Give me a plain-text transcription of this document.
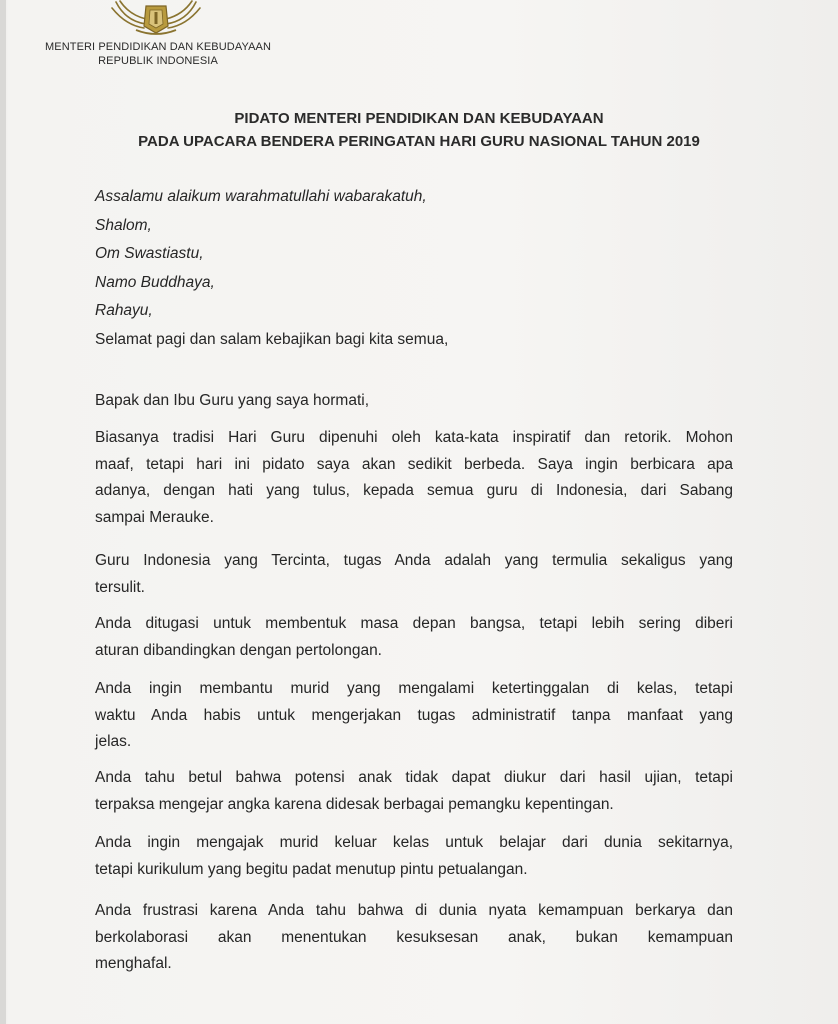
MENTERI PENDIDIKAN DAN KEBUDAYAAN
REPUBLIK INDONESIA
PIDATO MENTERI PENDIDIKAN DAN KEBUDAYAAN
PADA UPACARA BENDERA PERINGATAN HARI GURU NASIONAL TAHUN 2019
Assalamu alaikum warahmatullahi wabarakatuh,
Shalom,
Om Swastiastu,
Namo Buddhaya,
Rahayu,
Selamat pagi dan salam kebajikan bagi kita semua,
Bapak dan Ibu Guru yang saya hormati,
Biasanya tradisi Hari Guru dipenuhi oleh kata-kata inspiratif dan retorik. Mohon
maaf, tetapi hari ini pidato saya akan sedikit berbeda. Saya ingin berbicara apa
adanya, dengan hati yang tulus, kepada semua guru di Indonesia, dari Sabang
sampai Merauke.
Guru Indonesia yang Tercinta, tugas Anda adalah yang termulia sekaligus yang
tersulit.
Anda ditugasi untuk membentuk masa depan bangsa, tetapi lebih sering diberi
aturan dibandingkan dengan pertolongan.
Anda ingin membantu murid yang mengalami ketertinggalan di kelas, tetapi
waktu Anda habis untuk mengerjakan tugas administratif tanpa manfaat yang
jelas.
Anda tahu betul bahwa potensi anak tidak dapat diukur dari hasil ujian, tetapi
terpaksa mengejar angka karena didesak berbagai pemangku kepentingan.
Anda ingin mengajak murid keluar kelas untuk belajar dari dunia sekitarnya,
tetapi kurikulum yang begitu padat menutup pintu petualangan.
Anda frustrasi karena Anda tahu bahwa di dunia nyata kemampuan berkarya dan
berkolaborasi akan menentukan kesuksesan anak, bukan kemampuan
menghafal.
